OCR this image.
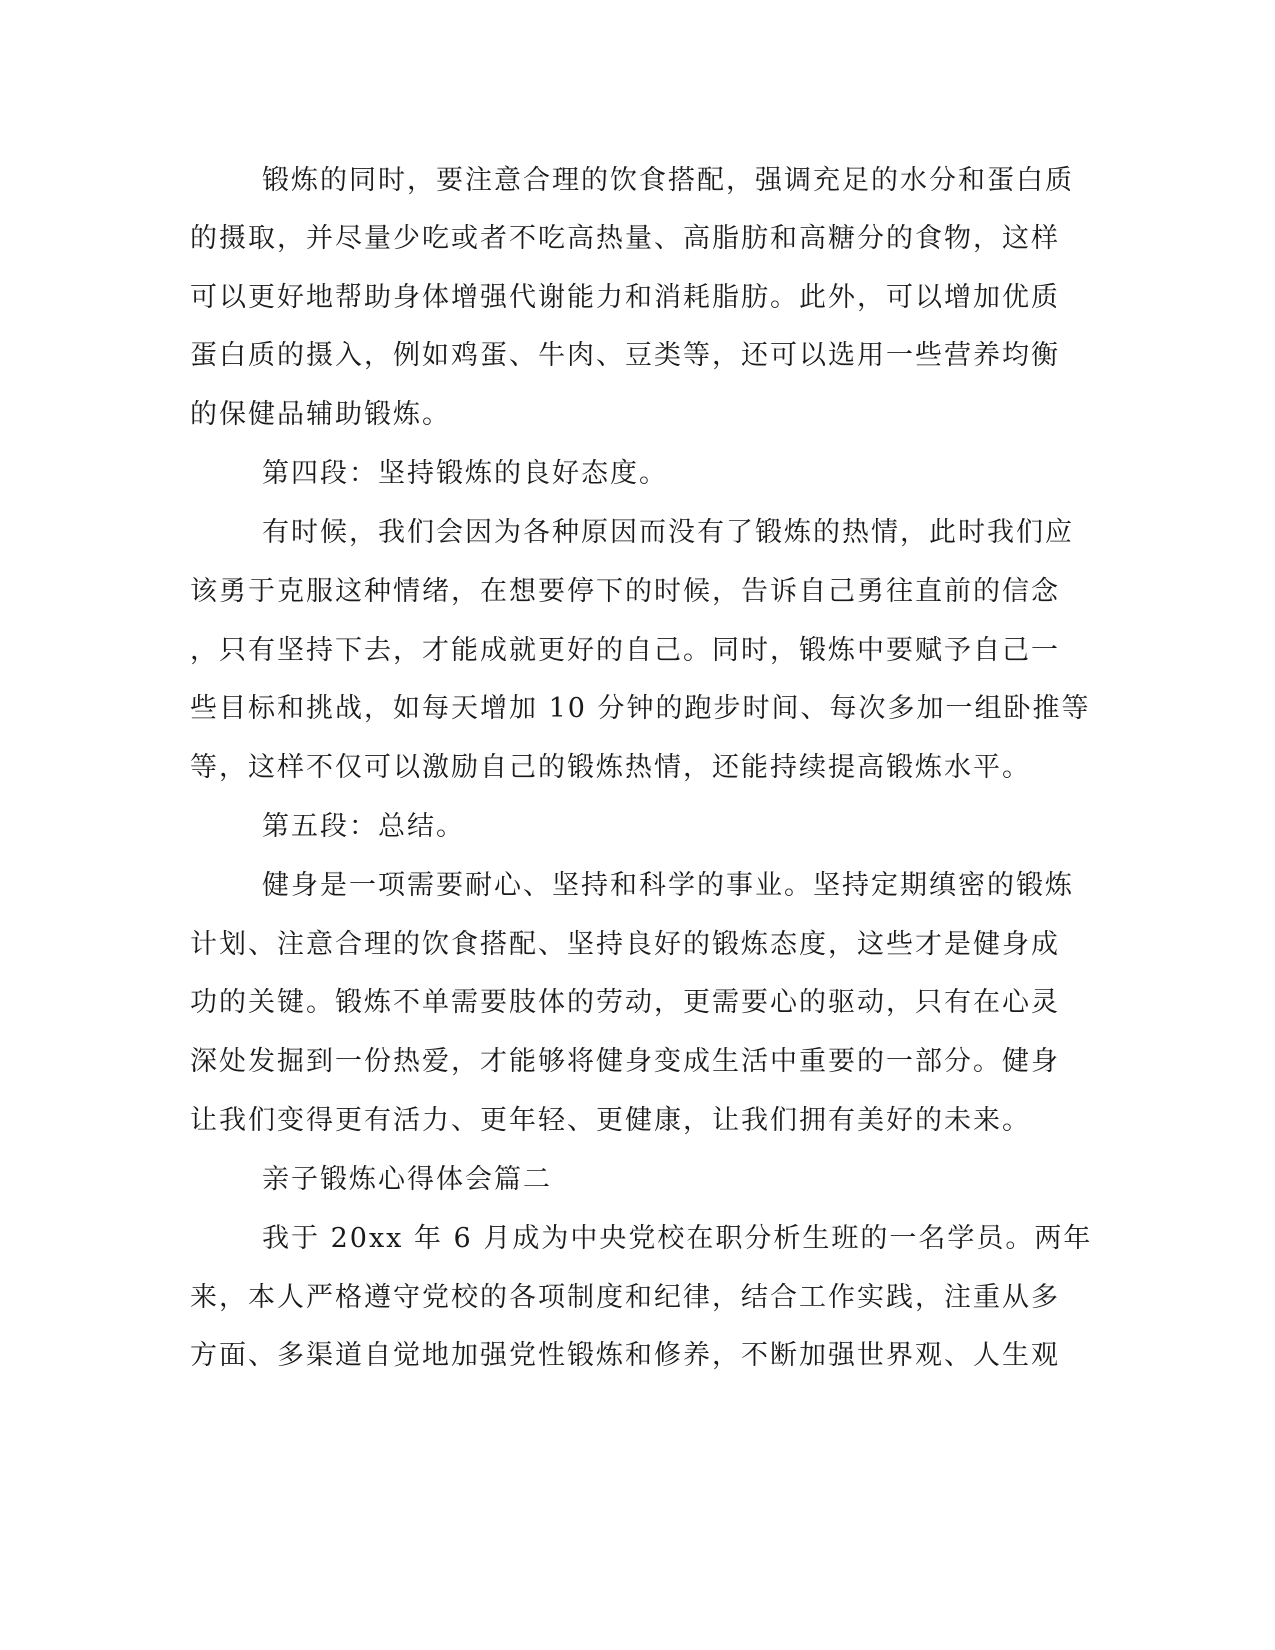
锻炼的同时，要注意合理的饮食搭配，强调充足的水分和蛋白质
的摄取，并尽量少吃或者不吃高热量、高脂肪和高糖分的食物，这样
可以更好地帮助身体增强代谢能力和消耗脂肪。此外，可以增加优质
蛋白质的摄入，例如鸡蛋、牛肉、豆类等，还可以选用一些营养均衡
的保健品辅助锻炼。
第四段：坚持锻炼的良好态度。
有时候，我们会因为各种原因而没有了锻炼的热情，此时我们应
该勇于克服这种情绪，在想要停下的时候，告诉自己勇往直前的信念
，只有坚持下去，才能成就更好的自己。同时，锻炼中要赋予自己一
些目标和挑战，如每天增加 10 分钟的跑步时间、每次多加一组卧推等
等，这样不仅可以激励自己的锻炼热情，还能持续提高锻炼水平。
第五段：总结。
健身是一项需要耐心、坚持和科学的事业。坚持定期缜密的锻炼
计划、注意合理的饮食搭配、坚持良好的锻炼态度，这些才是健身成
功的关键。锻炼不单需要肢体的劳动，更需要心的驱动，只有在心灵
深处发掘到一份热爱，才能够将健身变成生活中重要的一部分。健身
让我们变得更有活力、更年轻、更健康，让我们拥有美好的未来。
亲子锻炼心得体会篇二
我于 20xx 年 6 月成为中央党校在职分析生班的一名学员。两年
来，本人严格遵守党校的各项制度和纪律，结合工作实践，注重从多
方面、多渠道自觉地加强党性锻炼和修养，不断加强世界观、人生观
